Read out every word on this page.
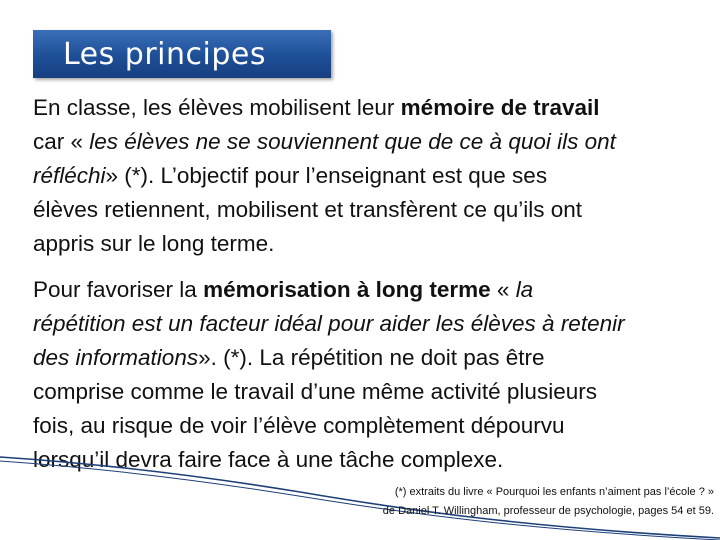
Les principes
En classe, les élèves mobilisent leur mémoire de travail
car « les élèves ne se souviennent que de ce à quoi ils ont
réfléchi» (*). L’objectif pour l’enseignant est que ses
élèves retiennent, mobilisent et transfèrent ce qu’ils ont
appris sur le long terme.
Pour favoriser la mémorisation à long terme « la
répétition est un facteur idéal pour aider les élèves à retenir
des informations». (*). La répétition ne doit pas être
comprise comme le travail d’une même activité plusieurs
fois, au risque de voir l’élève complètement dépourvu
lorsqu’il devra faire face à une tâche complexe.
(*) extraits du livre « Pourquoi les enfants n’aiment pas l’école ? »
de Daniel T. Willingham, professeur de psychologie, pages 54 et 59.
